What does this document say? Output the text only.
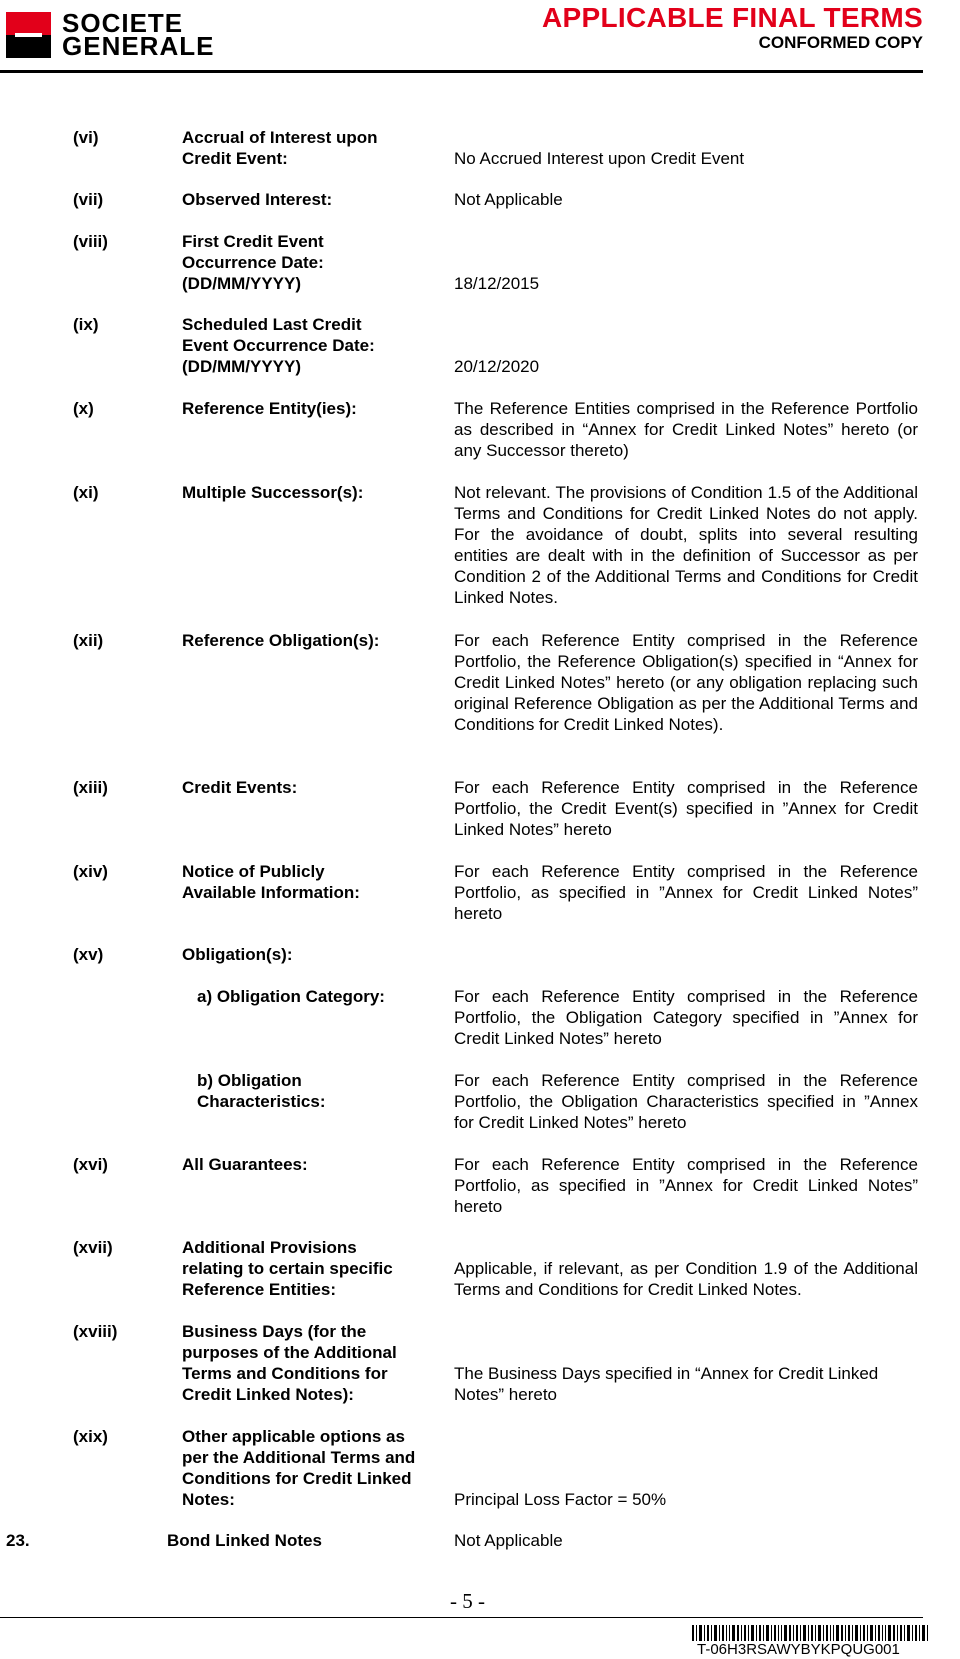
SOCIETE
GENERALE
APPLICABLE FINAL TERMS
CONFORMED COPY
(vi)	Accrual of Interest upon Credit Event:	No Accrued Interest upon Credit Event
(vii)	Observed Interest:	Not Applicable
(viii)	First Credit Event Occurrence Date: (DD/MM/YYYY)	18/12/2015
(ix)	Scheduled Last Credit Event Occurrence Date: (DD/MM/YYYY)	20/12/2020
(x)	Reference Entity(ies):	The Reference Entities comprised in the Reference Portfolio as described in “Annex for Credit Linked Notes” hereto (or any Successor thereto)
(xi)	Multiple Successor(s):	Not relevant. The provisions of Condition 1.5 of the Additional Terms and Conditions for Credit Linked Notes do not apply. For the avoidance of doubt, splits into several resulting entities are dealt with in the definition of Successor as per Condition 2 of the Additional Terms and Conditions for Credit Linked Notes.
(xii)	Reference Obligation(s):	For each Reference Entity comprised in the Reference Portfolio, the Reference Obligation(s) specified in “Annex for Credit Linked Notes” hereto (or any obligation replacing such original Reference Obligation as per the Additional Terms and Conditions for Credit Linked Notes).
(xiii)	Credit Events:	For each Reference Entity comprised in the Reference Portfolio, the Credit Event(s) specified in ”Annex for Credit Linked Notes” hereto
(xiv)	Notice of Publicly Available Information:
For each Reference Entity comprised in the Reference Portfolio, as specified in ”Annex for Credit Linked Notes” hereto
(xv)	Obligation(s):
a) Obligation Category:	For each Reference Entity comprised in the Reference Portfolio, the Obligation Category specified in ”Annex for Credit Linked Notes” hereto
b) Obligation Characteristics:
For each Reference Entity comprised in the Reference Portfolio, the Obligation Characteristics specified in ”Annex for Credit Linked Notes” hereto
(xvi)	All Guarantees:	For each Reference Entity comprised in the Reference Portfolio, as specified in ”Annex for Credit Linked Notes” hereto
(xvii)	Additional Provisions relating to certain specific Reference Entities:
Applicable, if relevant, as per Condition 1.9 of the Additional Terms and Conditions for Credit Linked Notes.
(xviii)	Business Days (for the purposes of the Additional Terms and Conditions for Credit Linked Notes):
The Business Days specified in “Annex for Credit Linked Notes” hereto
(xix)	Other applicable options as per the Additional Terms and Conditions for Credit Linked Notes:	Principal Loss Factor = 50%
23.	Bond Linked Notes	Not Applicable
- 5 -
T-06H3RSAWYBYKPQUG001
